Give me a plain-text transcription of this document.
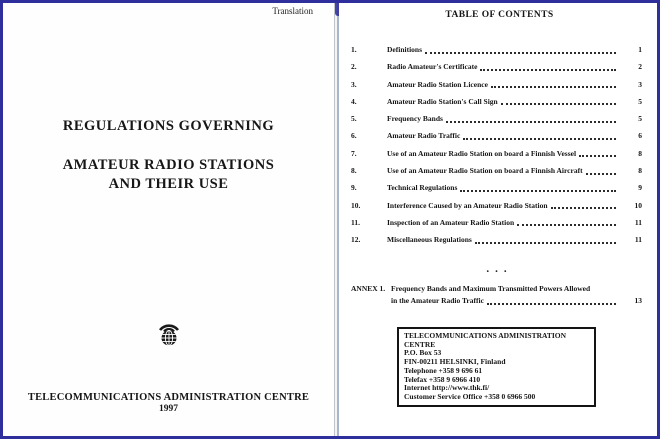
Translation
REGULATIONS GOVERNING
AMATEUR RADIO STATIONS
AND THEIR USE
TELECOMMUNICATIONS ADMINISTRATION CENTRE
1997
TABLE OF CONTENTS
1.	Definitions	1
2.	Radio Amateur's Certificate	2
3.	Amateur Radio Station Licence	3
4.	Amateur Radio Station's Call Sign	5
5.	Frequency Bands	5
6.	Amateur Radio Traffic	6
7.	Use of an Amateur Radio Station on board a Finnish Vessel	8
8.	Use of an Amateur Radio Station on board a Finnish Aircraft	8
9.	Technical Regulations	9
10.	Interference Caused by an Amateur Radio Station	10
11.	Inspection of an Amateur Radio Station	11
12.	Miscellaneous Regulations	11
...
ANNEX 1. Frequency Bands and Maximum Transmitted Powers Allowed
in the Amateur Radio Traffic	13
TELECOMMUNICATIONS ADMINISTRATION
CENTRE
P.O. Box 53
FIN-00211 HELSINKI, Finland
Telephone +358 9 696 61
Telefax +358 9 6966 410
Internet http://www.thk.fi/
Customer Service Office +358 0 6966 500
